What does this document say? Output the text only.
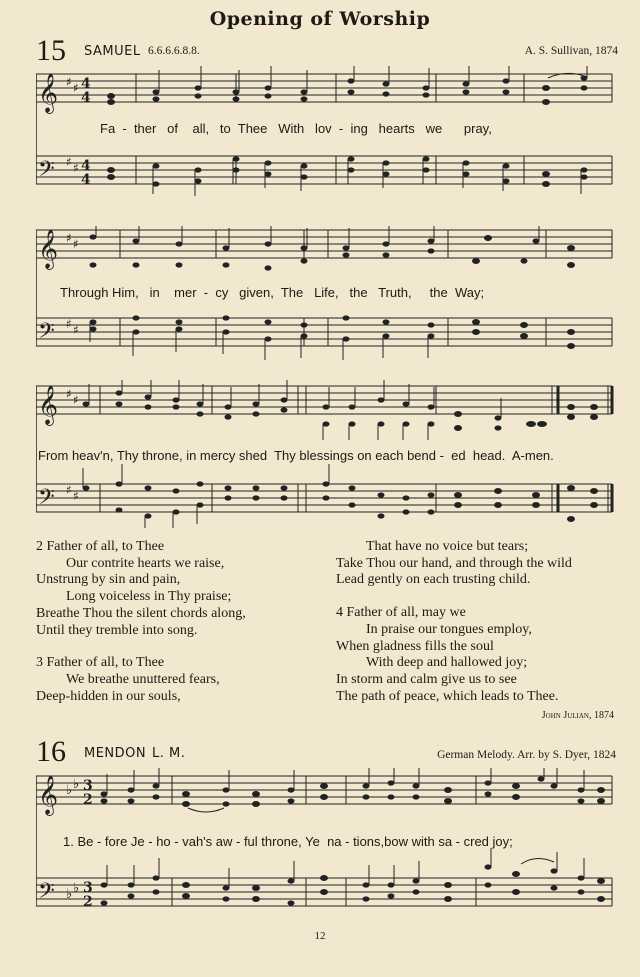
Opening of Worship
15 SAMUEL 6.6.6.6.8.8.	A. S. Sullivan, 1874
𝄞
𝄢
♯ ♯
♯ ♯
4
4
4
4
Fa  -  ther   of    all,   to  Thee   With   lov  -  ing   hearts   we      pray,
𝄞
𝄢
♯ ♯
♯ ♯
Through Him,   in    mer  -  cy   given,  The   Life,   the   Truth,     the  Way;
𝄞
𝄢
♯ ♯
♯ ♯
From heav'n, Thy throne, in mercy shed  Thy blessings on each bend -  ed  head.  A-men.
2 Father of all, to Thee
Our contrite hearts we raise,
Unstrung by sin and pain,
Long voiceless in Thy praise;
Breathe Thou the silent chords along,
Until they tremble into song.
3 Father of all, to Thee
We breathe unuttered fears,
Deep-hidden in our souls,
That have no voice but tears;
Take Thou our hand, and through the wild
Lead gently on each trusting child.
4 Father of all, may we
In praise our tongues employ,
When gladness fills the soul
With deep and hallowed joy;
In storm and calm give us to see
The path of peace, which leads to Thee.
John Julian, 1874
16 MENDON L. M.	German Melody. Arr. by S. Dyer, 1824
𝄞
𝄢
♭ ♭
♭ ♭
3
2
3
2
1. Be - fore Je - ho - vah's aw - ful throne, Ye  na - tions,bow with sa - cred joy;
12
